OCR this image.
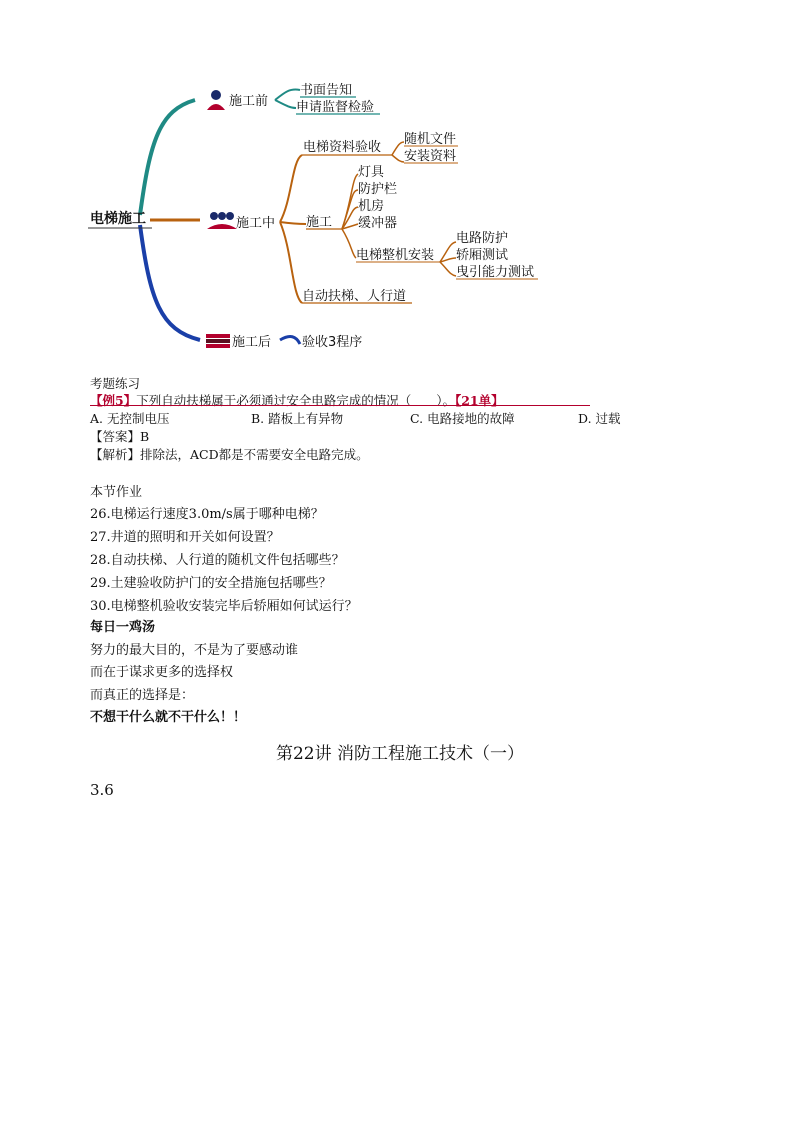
电梯施工
施工前
书面告知
申请监督检验
施工中
电梯资料验收
随机文件
安装资料
施工
灯具
防护栏
机房
缓冲器
电梯整机安装
电路防护
轿厢测试
曳引能力测试
自动扶梯、人行道
施工后 验收3程序
考题练习
【例5】下列自动扶梯属于必须通过安全电路完成的情况（　　）。【21单】
A. 无控制电压	B. 踏板上有异物	C. 电路接地的故障	D. 过载
【答案】B
【解析】排除法，ACD都是不需要安全电路完成。
本节作业
26.电梯运行速度3.0m/s属于哪种电梯？
27.井道的照明和开关如何设置？
28.自动扶梯、人行道的随机文件包括哪些？
29.土建验收防护门的安全措施包括哪些？
30.电梯整机验收安装完毕后轿厢如何试运行？
每日一鸡汤
努力的最大目的，不是为了要感动谁
而在于谋求更多的选择权
而真正的选择是：
不想干什么就不干什么！！
第22讲 消防工程施工技术（一）
3.6
